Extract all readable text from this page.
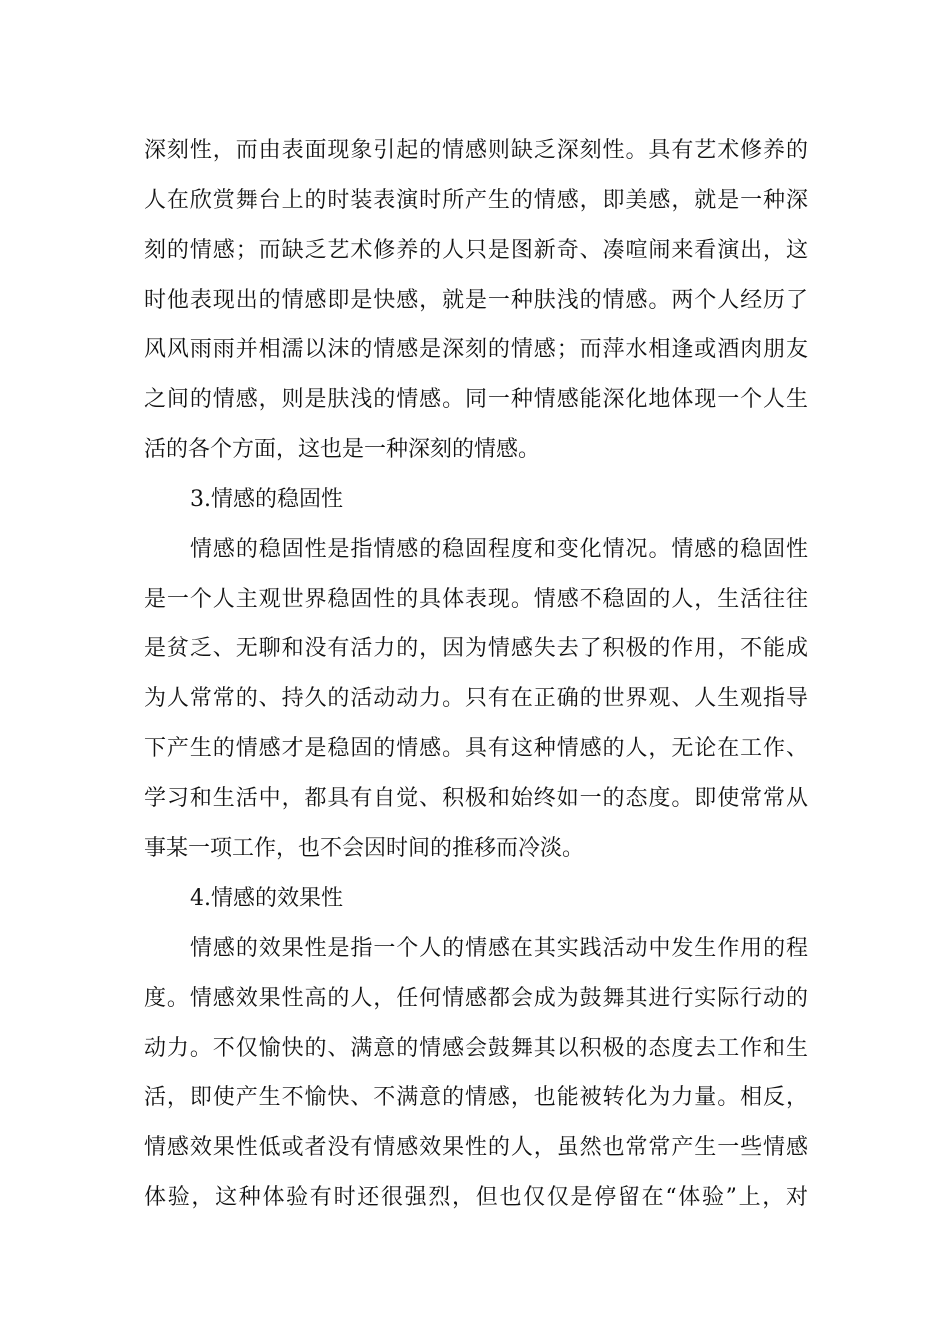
深刻性，而由表面现象引起的情感则缺乏深刻性。具有艺术修养的
人在欣赏舞台上的时装表演时所产生的情感，即美感，就是一种深
刻的情感；而缺乏艺术修养的人只是图新奇、凑喧闹来看演出，这
时他表现出的情感即是快感，就是一种肤浅的情感。两个人经历了
风风雨雨并相濡以沫的情感是深刻的情感；而萍水相逢或酒肉朋友
之间的情感，则是肤浅的情感。同一种情感能深化地体现一个人生
活的各个方面，这也是一种深刻的情感。
3.情感的稳固性
情感的稳固性是指情感的稳固程度和变化情况。情感的稳固性
是一个人主观世界稳固性的具体表现。情感不稳固的人，生活往往
是贫乏、无聊和没有活力的，因为情感失去了积极的作用，不能成
为人常常的、持久的活动动力。只有在正确的世界观、人生观指导
下产生的情感才是稳固的情感。具有这种情感的人，无论在工作、
学习和生活中，都具有自觉、积极和始终如一的态度。即使常常从
事某一项工作，也不会因时间的推移而冷淡。
4.情感的效果性
情感的效果性是指一个人的情感在其实践活动中发生作用的程
度。情感效果性高的人，任何情感都会成为鼓舞其进行实际行动的
动力。不仅愉快的、满意的情感会鼓舞其以积极的态度去工作和生
活，即使产生不愉快、不满意的情感，也能被转化为力量。相反，
情感效果性低或者没有情感效果性的人，虽然也常常产生一些情感
体验，这种体验有时还很强烈，但也仅仅是停留在“体验”上，对
